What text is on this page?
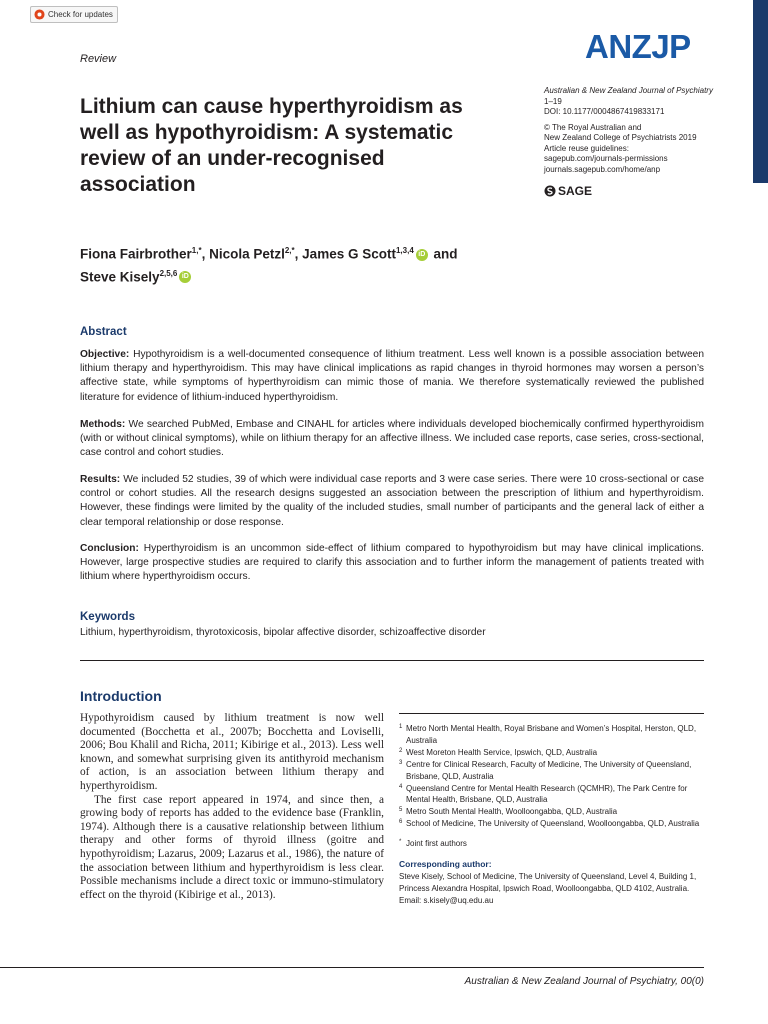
Check for updates
Review	ANZJP
Lithium can cause hyperthyroidism as well as hypothyroidism: A systematic review of an under-recognised association
Australian & New Zealand Journal of Psychiatry
1–19
DOI: 10.1177/0004867419833171
© The Royal Australian and
New Zealand College of Psychiatrists 2019
Article reuse guidelines:
sagepub.com/journals-permissions
journals.sagepub.com/home/anp
SAGE
Fiona Fairbrother$^{1,*}$, Nicola Petzl$^{2,*}$, James G Scott$^{1,3,4}$ iD and
Steve Kisely$^{2,5,6}$ iD
Abstract
Objective: Hypothyroidism is a well-documented consequence of lithium treatment. Less well known is a possible association between lithium therapy and hyperthyroidism. This may have clinical implications as rapid changes in thyroid hormones may worsen a person’s affective state, while symptoms of hyperthyroidism can mimic those of mania. We therefore systematically reviewed the published literature for evidence of lithium-induced hyperthyroidism.
Methods: We searched PubMed, Embase and CINAHL for articles where individuals developed biochemically confirmed hyperthyroidism (with or without clinical symptoms), while on lithium therapy for an affective illness. We included case reports, case series, cross-sectional, case control and cohort studies.
Results: We included 52 studies, 39 of which were individual case reports and 3 were case series. There were 10 cross-sectional or case control or cohort studies. All the research designs suggested an association between the prescription of lithium and hyperthyroidism. However, these findings were limited by the quality of the included studies, small number of participants and the general lack of either a clear temporal relationship or dose response.
Conclusion: Hyperthyroidism is an uncommon side-effect of lithium compared to hypothyroidism but may have clinical implications. However, large prospective studies are required to clarify this association and to further inform the management of patients treated with lithium where hyperthyroidism occurs.
Keywords
Lithium, hyperthyroidism, thyrotoxicosis, bipolar affective disorder, schizoaffective disorder
Introduction

Hypothyroidism caused by lithium treatment is now well documented (Bocchetta et al., 2007b; Bocchetta and Loviselli, 2006; Bou Khalil and Richa, 2011; Kibirige et al., 2013). Less well known, and somewhat surprising given its antithyroid mechanism of action, is an association between lithium therapy and hyperthyroidism.

The first case report appeared in 1974, and since then, a growing body of reports has added to the evidence base (Franklin, 1974). Although there is a causative relationship between lithium therapy and other forms of thyroid illness (goitre and hypothyroidism; Lazarus, 2009; Lazarus et al., 1986), the nature of the association between lithium and hyperthyroidism is less clear. Possible mechanisms include a direct toxic or immuno-stimulatory effect on the thyroid (Kibirige et al., 2013).

1 Metro North Mental Health, Royal Brisbane and Women’s Hospital, Herston, QLD, Australia
2 West Moreton Health Service, Ipswich, QLD, Australia
3 Centre for Clinical Research, Faculty of Medicine, The University of Queensland, Brisbane, QLD, Australia
4 Queensland Centre for Mental Health Research (QCMHR), The Park Centre for Mental Health, Brisbane, QLD, Australia
5 Metro South Mental Health, Woolloongabba, QLD, Australia
6 School of Medicine, The University of Queensland, Woolloongabba, QLD, Australia
* Joint first authors
Corresponding author:
Steve Kisely, School of Medicine, The University of Queensland, Level 4, Building 1, Princess Alexandra Hospital, Ipswich Road, Woolloongabba, QLD 4102, Australia.
Email: s.kisely@uq.edu.au
Australian & New Zealand Journal of Psychiatry, 00(0)
